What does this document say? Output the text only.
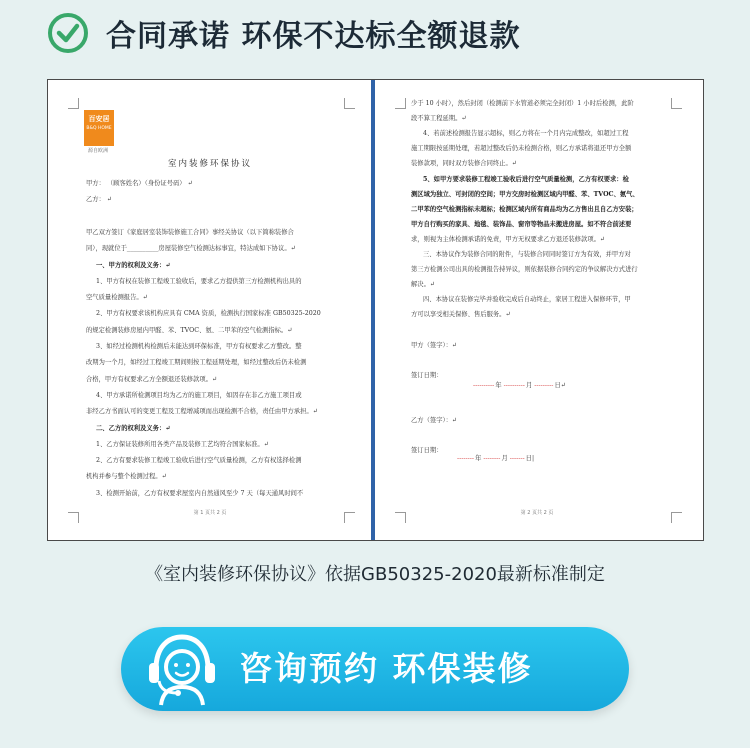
合同承诺 环保不达标全额退款
百安居
B&Q HOME
源自欧洲
室内装修环保协议
甲方： （顾客姓名）（身份证号码） ↵
乙方： ↵
甲乙双方签订《家庭居室装饰装修施工合同》事经关协议（以下简称装修合
同），现就位于__________房屋装修空气检测达标事宜，特达成如下协议。↵
一、甲方的权利及义务：↵
1、甲方有权在装修工程竣工验收后，要求乙方提供第三方检测机构出具的
空气质量检测报告。↵
2、甲方有权要求该机构应具有 CMA 资质，检测执行国家标准 GB50325-2020
的规定检测装修房屋内甲醛、苯、TVOC、氨、二甲苯的空气检测指标。↵
3、如经过检测机构检测后未能达到环保标准，甲方有权要求乙方整改。整
改期为一个月，如经过工程竣工期间则按工程延期处理，如经过整改后仍未检测
合格，甲方有权要求乙方全额退还装修款项。↵
4、甲方承诺所检测项目均为乙方的施工项目，如因存在非乙方施工项目或
非经乙方书面认可的变更工程及工程增减项而出现检测不合格，责任由甲方承担。↵
二、乙方的权利及义务：↵
1、乙方保证装修所用各类产品及装修工艺均符合国家标准。↵
2、乙方有要求装修工程竣工验收后进行空气质量检测，乙方有权选择检测
机构并参与整个检测过程。↵
3、检测开始前，乙方有权要求屋室内自然通风至少 7 天（每天通风时间不
第 1 页共 2 页
少于 10 小时），然后封闭（检测前下水管道必须完全封闭）1 小时后检测，此阶
段不算工程延期。↵
4、若前述检测报告显示超标，则乙方将在一个月内完成整改，如超过工程
施工期限按延期处理，若超过整改后仍未检测合格，则乙方承诺将退还甲方全额
装修款项，同时双方装修合同终止。↵
5、如甲方要求装修工程竣工验收后进行空气质量检测，乙方有权要求：检
测区域为独立、可封闭的空间；甲方交房时检测区域内甲醛、苯、TVOC、氨气、
二甲苯的空气检测指标未超标；检测区域内所有商品均为乙方售出且自乙方安装；
甲方自行购买的家具、地毯、装饰品、窗帘等物品未搬进房屋。如不符合前述要
求，则视为主体检测承诺的免责，甲方无权要求乙方退还装修款项。↵
三、本协议作为装修合同的附件，与装修合同同时签订方为有效，并甲方对
第三方检测公司出具的检测报告持异议，则依据装修合同约定的争议解决方式进行
解决。↵
四、本协议在装修完毕并验收完成后自动终止，家居工程进入保修环节，甲
方可以享受相关保修、售后服务。↵
甲方（签字）：↵
签订日期：
乙方（签字）：↵
签订日期：
- - - - - - - - - - 年 - - - - - - - - - - 月 - - - - - - - - - 日↵
- - - - - - - - 年 - - - - - - - - 月 - - - - - - - 日|
第 2 页共 2 页
《室内装修环保协议》依据GB50325-2020最新标准制定
咨询预约 环保装修
